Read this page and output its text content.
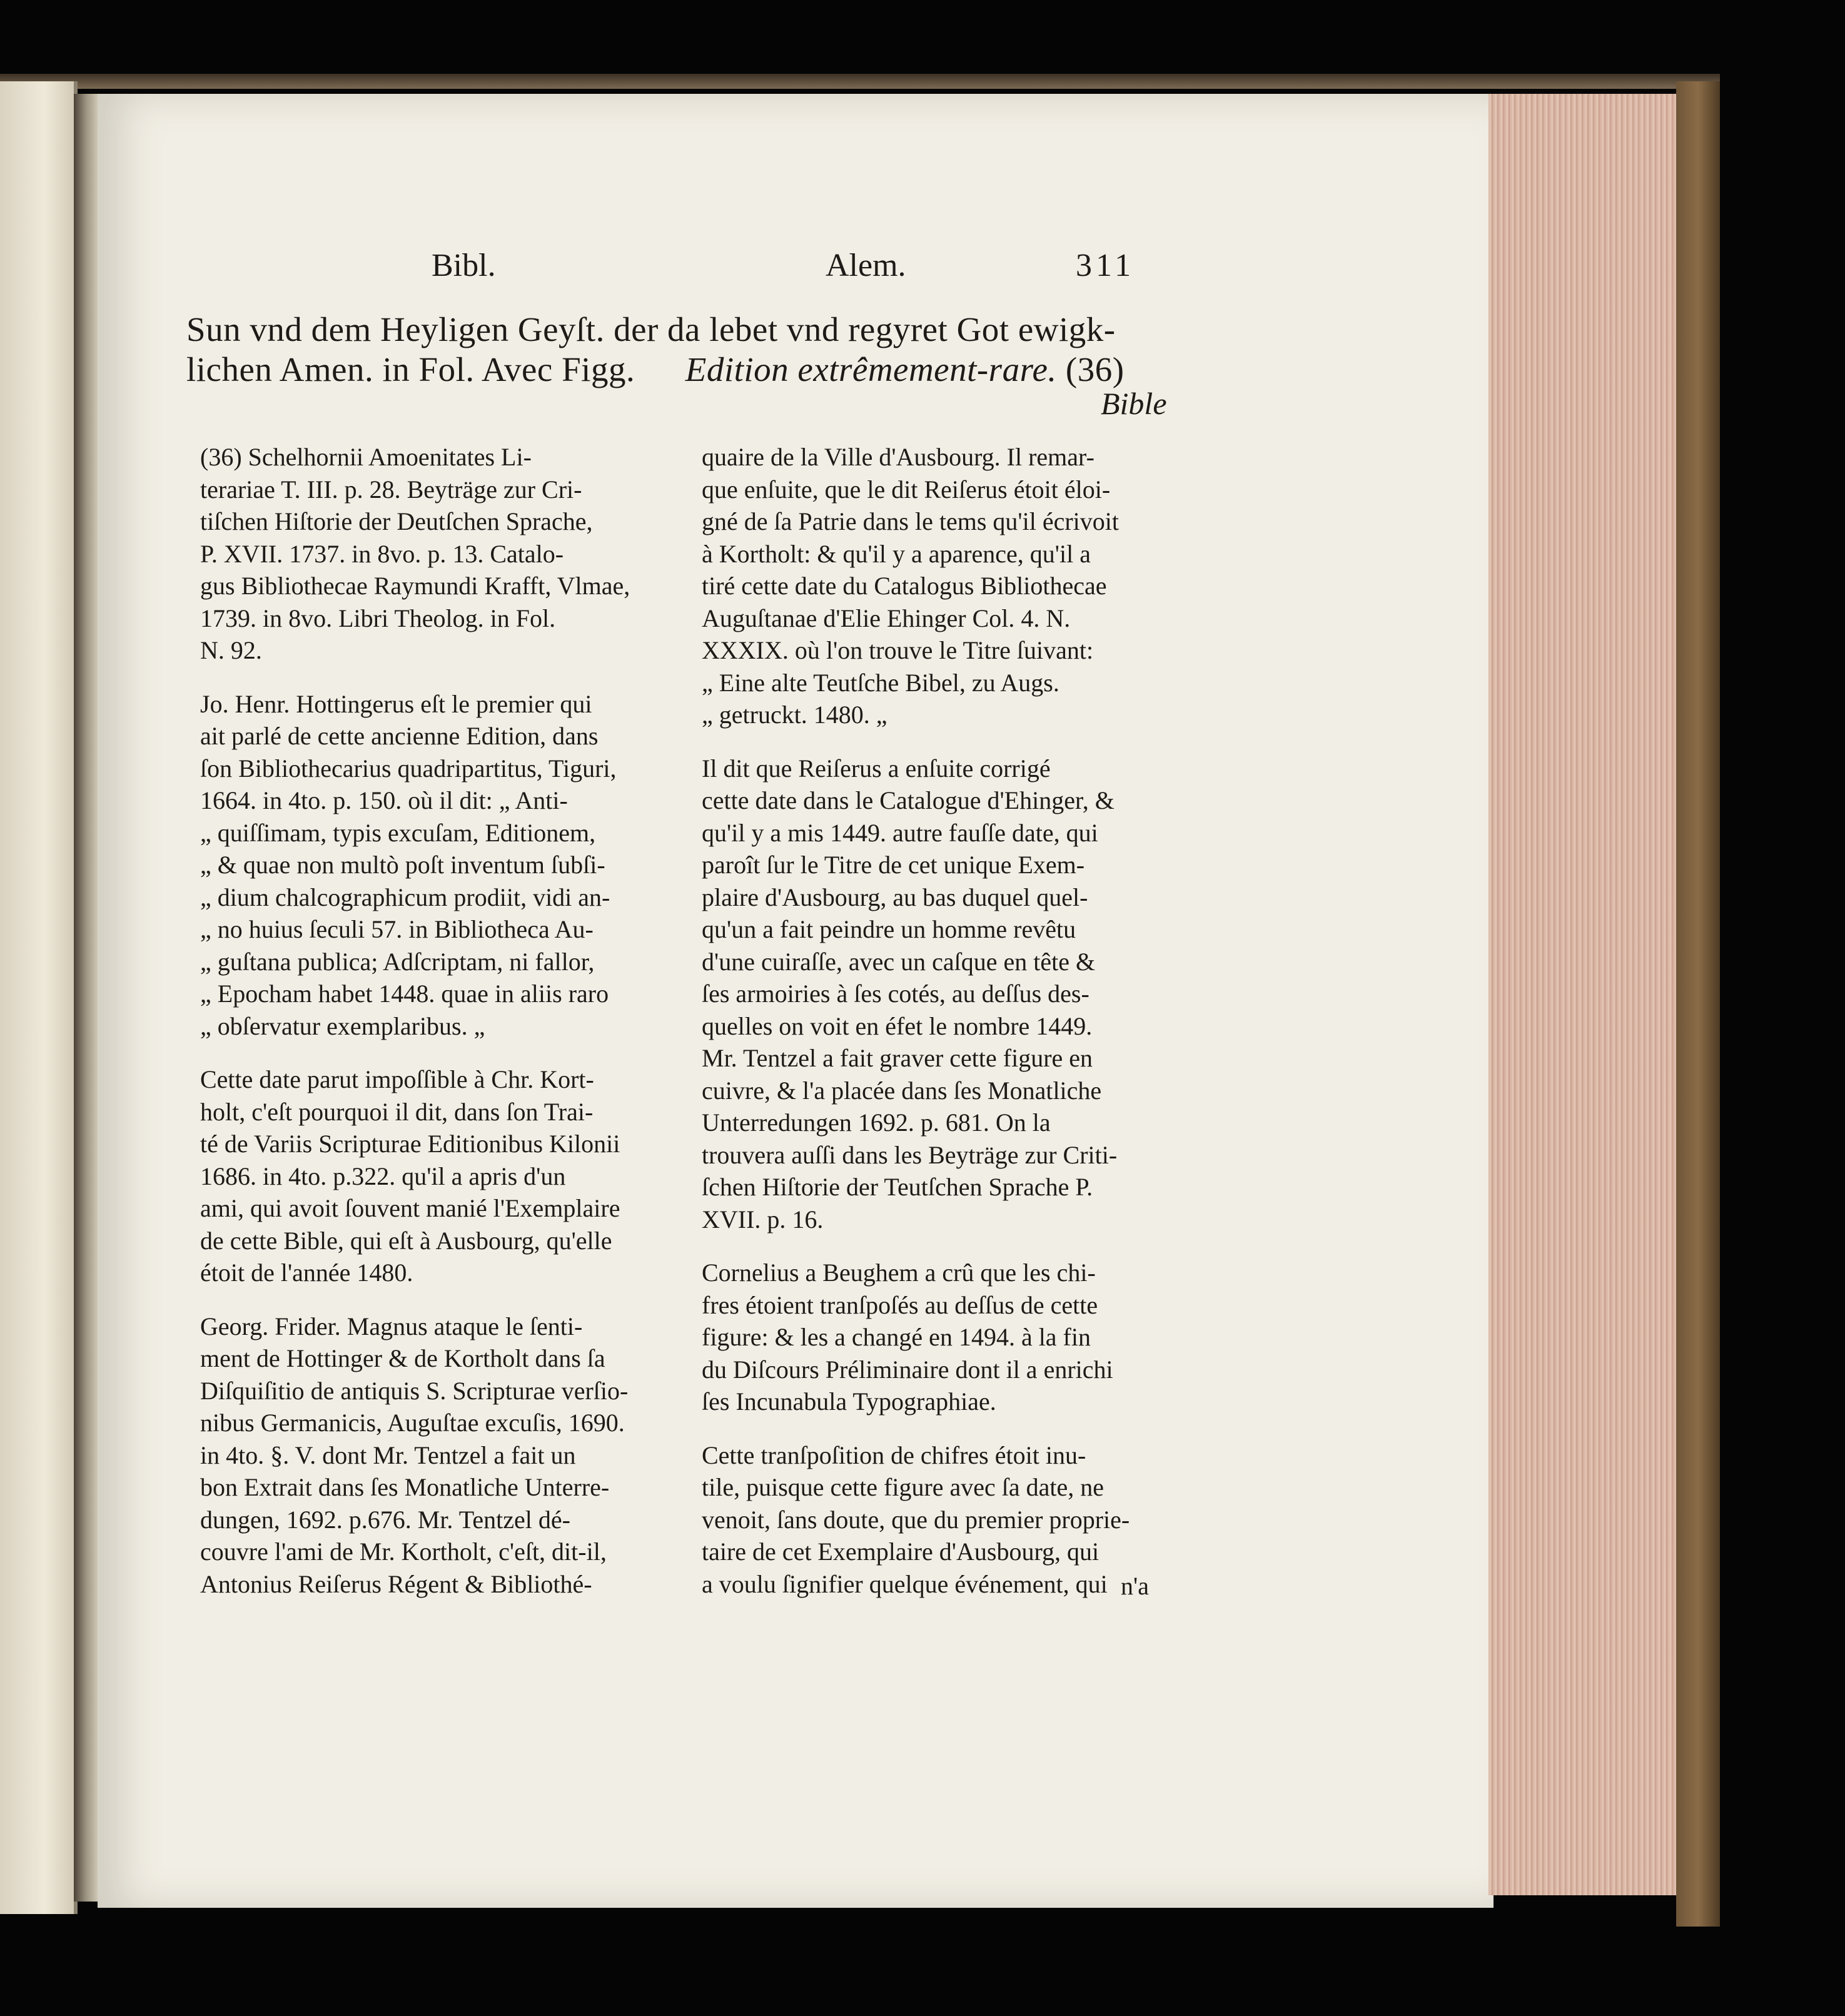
Bibl.	Alem.	311
Sun vnd dem Heyligen Geyſt. der da lebet vnd regyret Got ewigk-
lichen Amen. in Fol. Avec Figg. Edition extrêmement-rare. (36)
Bible
(36) Schelhornii Amoenitates Li-
terariae T. III. p. 28. Beyträge zur Cri-
tiſchen Hiſtorie der Deutſchen Sprache,
P. XVII. 1737. in 8vo. p. 13. Catalo-
gus Bibliothecae Raymundi Krafft, Vlmae,
1739. in 8vo. Libri Theolog. in Fol.
N. 92.
Jo. Henr. Hottingerus eſt le premier qui
ait parlé de cette ancienne Edition, dans
ſon Bibliothecarius quadripartitus, Tiguri,
1664. in 4to. p. 150. où il dit: „ Anti-
„ quiſſimam, typis excuſam, Editionem,
„ & quae non multò poſt inventum ſubſi-
„ dium chalcographicum prodiit, vidi an-
„ no huius ſeculi 57. in Bibliotheca Au-
„ guſtana publica; Adſcriptam, ni fallor,
„ Epocham habet 1448. quae in aliis raro
„ obſervatur exemplaribus. „
Cette date parut impoſſible à Chr. Kort-
holt, c'eſt pourquoi il dit, dans ſon Trai-
té de Variis Scripturae Editionibus Kilonii
1686. in 4to. p.322. qu'il a apris d'un
ami, qui avoit ſouvent manié l'Exemplaire
de cette Bible, qui eſt à Ausbourg, qu'elle
étoit de l'année 1480.
Georg. Frider. Magnus ataque le ſenti-
ment de Hottinger & de Kortholt dans ſa
Diſquiſitio de antiquis S. Scripturae verſio-
nibus Germanicis, Auguſtae excuſis, 1690.
in 4to. §. V. dont Mr. Tentzel a fait un
bon Extrait dans ſes Monatliche Unterre-
dungen, 1692. p.676. Mr. Tentzel dé-
couvre l'ami de Mr. Kortholt, c'eſt, dit-il,
Antonius Reiſerus Régent & Bibliothé-
quaire de la Ville d'Ausbourg. Il remar-
que enſuite, que le dit Reiſerus étoit éloi-
gné de ſa Patrie dans le tems qu'il écrivoit
à Kortholt: & qu'il y a aparence, qu'il a
tiré cette date du Catalogus Bibliothecae
Auguſtanae d'Elie Ehinger Col. 4. N.
XXXIX. où l'on trouve le Titre ſuivant:
„ Eine alte Teutſche Bibel, zu Augs.
„ getruckt. 1480. „
Il dit que Reiſerus a enſuite corrigé
cette date dans le Catalogue d'Ehinger, &
qu'il y a mis 1449. autre fauſſe date, qui
paroît ſur le Titre de cet unique Exem-
plaire d'Ausbourg, au bas duquel quel-
qu'un a fait peindre un homme revêtu
d'une cuiraſſe, avec un caſque en tête &
ſes armoiries à ſes cotés, au deſſus des-
quelles on voit en éfet le nombre 1449.
Mr. Tentzel a fait graver cette figure en
cuivre, & l'a placée dans ſes Monatliche
Unterredungen 1692. p. 681. On la
trouvera auſſi dans les Beyträge zur Criti-
ſchen Hiſtorie der Teutſchen Sprache P.
XVII. p. 16.
Cornelius a Beughem a crû que les chi-
fres étoient tranſpoſés au deſſus de cette
figure: & les a changé en 1494. à la fin
du Diſcours Préliminaire dont il a enrichi
ſes Incunabula Typographiae.
Cette tranſpoſition de chifres étoit inu-
tile, puisque cette figure avec ſa date, ne
venoit, ſans doute, que du premier proprie-
taire de cet Exemplaire d'Ausbourg, qui
a voulu ſignifier quelque événement, qui n'a
